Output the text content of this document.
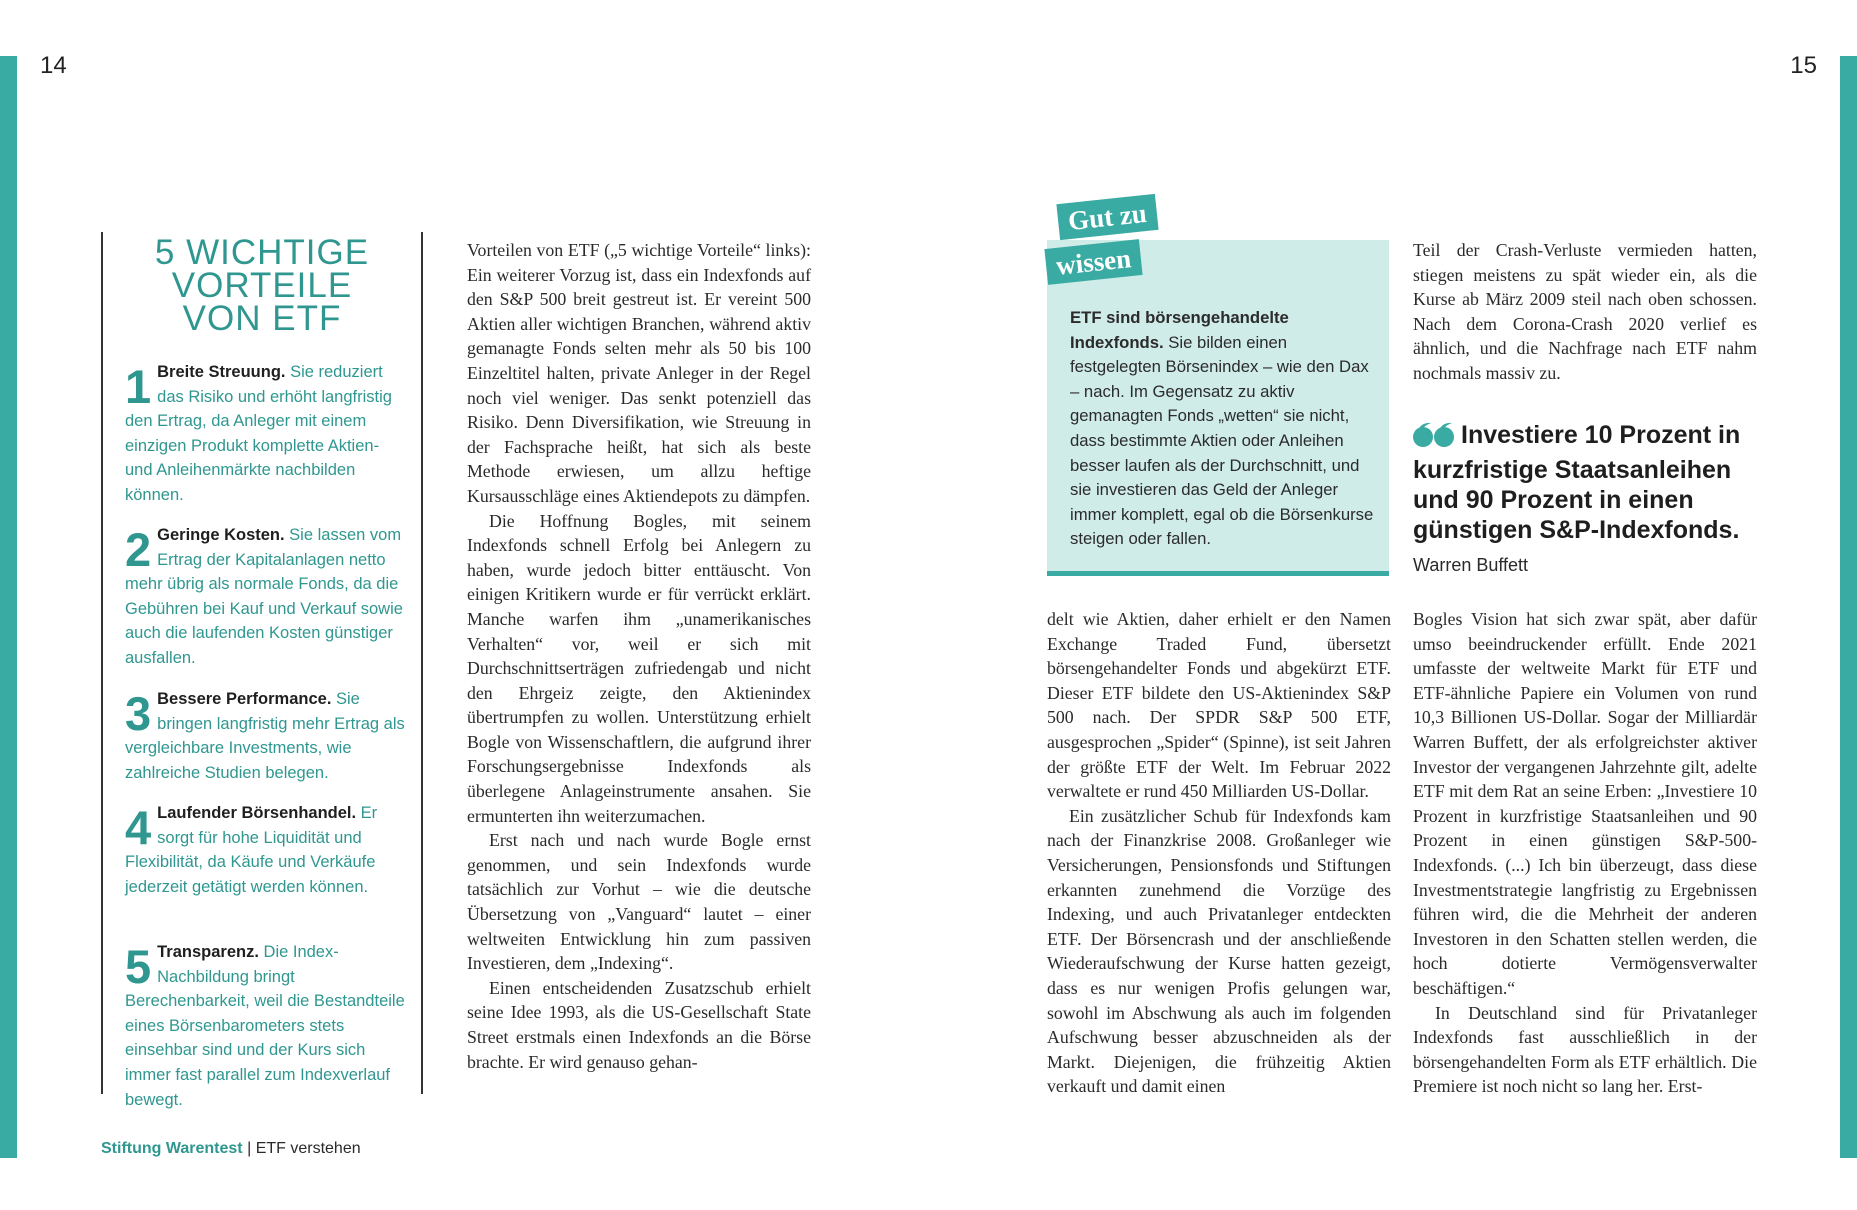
14	15
5 WICHTIGE
VORTEILE
VON ETF
1 Breite Streuung. Sie reduziert das Risiko und erhöht langfristig den Ertrag, da Anleger mit einem einzigen Produkt komplette Aktien- und Anleihenmärkte nachbilden können.
2 Geringe Kosten. Sie lassen vom Ertrag der Kapitalanlagen netto mehr übrig als normale Fonds, da die Gebühren bei Kauf und Verkauf sowie auch die laufenden Kosten günstiger ausfallen.
3 Bessere Performance. Sie bringen langfristig mehr Ertrag als vergleichbare Investments, wie zahlreiche Studien belegen.
4 Laufender Börsenhandel. Er sorgt für hohe Liquidität und Flexibilität, da Käufe und Verkäufe jederzeit getätigt werden können.
5 Transparenz. Die Index-Nachbildung bringt Berechenbarkeit, weil die Bestandteile eines Börsenbarometers stets einsehbar sind und der Kurs sich immer fast parallel zum Indexverlauf bewegt.

Vorteilen von ETF („5 wichtige Vorteile“ links): Ein weiterer Vorzug ist, dass ein Indexfonds auf den S&P 500 breit gestreut ist. Er vereint 500 Aktien aller wichtigen Branchen, während aktiv gemanagte Fonds selten mehr als 50 bis 100 Einzeltitel halten, private Anleger in der Regel noch viel weniger. Das senkt potenziell das Risiko. Denn Diversifikation, wie Streuung in der Fachsprache heißt, hat sich als beste Methode erwiesen, um allzu heftige Kursausschläge eines Aktiendepots zu dämpfen.

Die Hoffnung Bogles, mit seinem Indexfonds schnell Erfolg bei Anlegern zu haben, wurde jedoch bitter enttäuscht. Von einigen Kritikern wurde er für verrückt erklärt. Manche warfen ihm „unamerikanisches Verhalten“ vor, weil er sich mit Durchschnittserträgen zufriedengab und nicht den Ehrgeiz zeigte, den Aktienindex übertrumpfen zu wollen. Unterstützung erhielt Bogle von Wissenschaftlern, die aufgrund ihrer Forschungsergebnisse Indexfonds als überlegene Anlageinstrumente ansahen. Sie ermunterten ihn weiterzumachen.

Erst nach und nach wurde Bogle ernst genommen, und sein Indexfonds wurde tatsächlich zur Vorhut – wie die deutsche Übersetzung von „Vanguard“ lautet – einer weltweiten Entwicklung hin zum passiven Investieren, dem „Indexing“.

Einen entscheidenden Zusatzschub erhielt seine Idee 1993, als die US-Gesellschaft State Street erstmals einen Indexfonds an die Börse brachte. Er wird genauso gehan-

ETF sind börsengehandelte Indexfonds. Sie bilden einen festgelegten Börsenindex – wie den Dax – nach. Im Gegensatz zu aktiv gemanagten Fonds „wetten“ sie nicht, dass bestimmte Aktien oder Anleihen besser laufen als der Durchschnitt, und sie investieren das Geld der Anleger immer komplett, egal ob die Börsenkurse steigen oder fallen.
Gut zu
wissen

delt wie Aktien, daher erhielt er den Namen Exchange Traded Fund, übersetzt börsengehandelter Fonds und abgekürzt ETF. Dieser ETF bildete den US-Aktienindex S&P 500 nach. Der SPDR S&P 500 ETF, ausgesprochen „Spider“ (Spinne), ist seit Jahren der größte ETF der Welt. Im Februar 2022 verwaltete er rund 450 Milliarden US-Dollar.

Ein zusätzlicher Schub für Indexfonds kam nach der Finanzkrise 2008. Großanleger wie Versicherungen, Pensionsfonds und Stiftungen erkannten zunehmend die Vorzüge des Indexing, und auch Privatanleger entdeckten ETF. Der Börsencrash und der anschließende Wiederaufschwung der Kurse hatten gezeigt, dass es nur wenigen Profis gelungen war, sowohl im Abschwung als auch im folgenden Aufschwung besser abzuschneiden als der Markt. Diejenigen, die frühzeitig Aktien verkauft und damit einen

Teil der Crash-Verluste vermieden hatten, stiegen meistens zu spät wieder ein, als die Kurse ab März 2009 steil nach oben schossen. Nach dem Corona-Crash 2020 verlief es ähnlich, und die Nachfrage nach ETF nahm nochmals massiv zu.

Investiere 10 Prozent in kurzfristige Staatsanleihen und 90 Prozent in einen günstigen S&P-Indexfonds.
Warren Buffett

Bogles Vision hat sich zwar spät, aber dafür umso beeindruckender erfüllt. Ende 2021 umfasste der weltweite Markt für ETF und ETF-ähnliche Papiere ein Volumen von rund 10,3 Billionen US-Dollar. Sogar der Milliardär Warren Buffett, der als erfolgreichster aktiver Investor der vergangenen Jahrzehnte gilt, adelte ETF mit dem Rat an seine Erben: „Investiere 10 Prozent in kurzfristige Staatsanleihen und 90 Prozent in einen günstigen S&P-500-Indexfonds. (...) Ich bin überzeugt, dass diese Investmentstrategie langfristig zu Ergebnissen führen wird, die die Mehrheit der anderen Investoren in den Schatten stellen werden, die hoch dotierte Vermögensverwalter beschäftigen.“

In Deutschland sind für Privatanleger Indexfonds fast ausschließlich in der börsengehandelten Form als ETF erhältlich. Die Premiere ist noch nicht so lang her. Erst-

Stiftung Warentest | ETF verstehen
